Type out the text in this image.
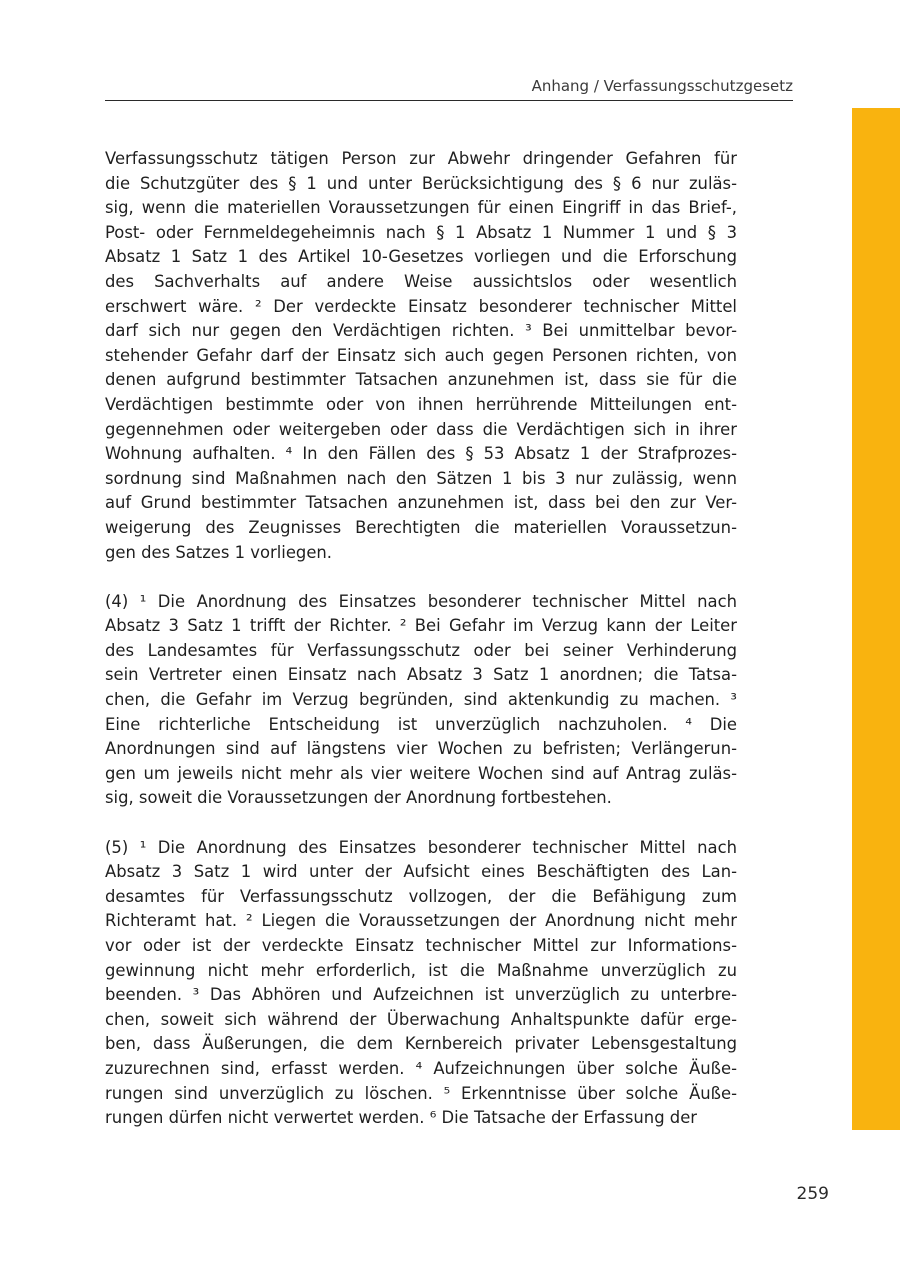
Anhang / Verfassungsschutzgesetz
Verfassungsschutz tätigen Person zur Abwehr dringender Gefahren für
die Schutzgüter des § 1 und unter Berücksichtigung des § 6 nur zuläs-
sig, wenn die materiellen Voraussetzungen für einen Eingriff in das Brief-,
Post- oder Fernmeldegeheimnis nach § 1 Absatz 1 Nummer 1 und § 3
Absatz 1 Satz 1 des Artikel 10-Gesetzes vorliegen und die Erforschung
des Sachverhalts auf andere Weise aussichtslos oder wesentlich
erschwert wäre. ² Der verdeckte Einsatz besonderer technischer Mittel
darf sich nur gegen den Verdächtigen richten. ³ Bei unmittelbar bevor-
stehender Gefahr darf der Einsatz sich auch gegen Personen richten, von
denen aufgrund bestimmter Tatsachen anzunehmen ist, dass sie für die
Verdächtigen bestimmte oder von ihnen herrührende Mitteilungen ent-
gegennehmen oder weitergeben oder dass die Verdächtigen sich in ihrer
Wohnung aufhalten. ⁴ In den Fällen des § 53 Absatz 1 der Strafprozes-
sordnung sind Maßnahmen nach den Sätzen 1 bis 3 nur zulässig, wenn
auf Grund bestimmter Tatsachen anzunehmen ist, dass bei den zur Ver-
weigerung des Zeugnisses Berechtigten die materiellen Voraussetzun-
gen des Satzes 1 vorliegen.
(4) ¹ Die Anordnung des Einsatzes besonderer technischer Mittel nach
Absatz 3 Satz 1 trifft der Richter. ² Bei Gefahr im Verzug kann der Leiter
des Landesamtes für Verfassungsschutz oder bei seiner Verhinderung
sein Vertreter einen Einsatz nach Absatz 3 Satz 1 anordnen; die Tatsa-
chen, die Gefahr im Verzug begründen, sind aktenkundig zu machen. ³
Eine richterliche Entscheidung ist unverzüglich nachzuholen. ⁴ Die
Anordnungen sind auf längstens vier Wochen zu befristen; Verlängerun-
gen um jeweils nicht mehr als vier weitere Wochen sind auf Antrag zuläs-
sig, soweit die Voraussetzungen der Anordnung fortbestehen.
(5) ¹ Die Anordnung des Einsatzes besonderer technischer Mittel nach
Absatz 3 Satz 1 wird unter der Aufsicht eines Beschäftigten des Lan-
desamtes für Verfassungsschutz vollzogen, der die Befähigung zum
Richteramt hat. ² Liegen die Voraussetzungen der Anordnung nicht mehr
vor oder ist der verdeckte Einsatz technischer Mittel zur Informations-
gewinnung nicht mehr erforderlich, ist die Maßnahme unverzüglich zu
beenden. ³ Das Abhören und Aufzeichnen ist unverzüglich zu unterbre-
chen, soweit sich während der Überwachung Anhaltspunkte dafür erge-
ben, dass Äußerungen, die dem Kernbereich privater Lebensgestaltung
zuzurechnen sind, erfasst werden. ⁴ Aufzeichnungen über solche Äuße-
rungen sind unverzüglich zu löschen. ⁵ Erkenntnisse über solche Äuße-
rungen dürfen nicht verwertet werden. ⁶ Die Tatsache der Erfassung der
259
